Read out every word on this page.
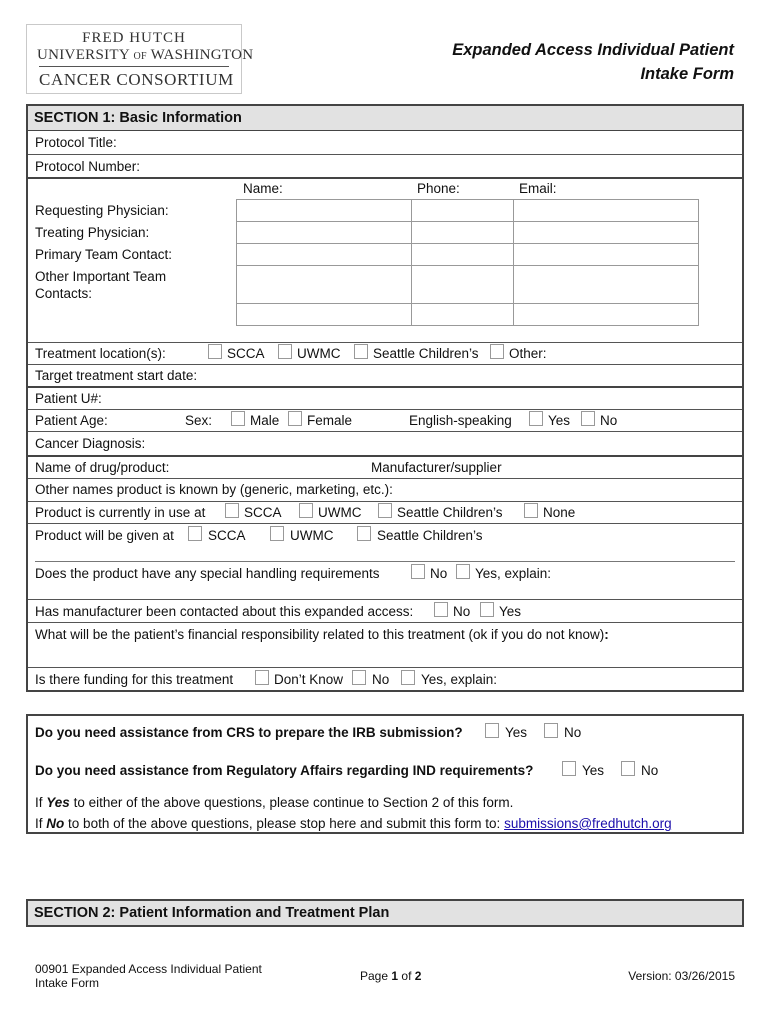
FRED HUTCH
UNIVERSITY OF WASHINGTON
CANCER CONSORTIUM
Expanded Access Individual Patient
Intake Form
SECTION 1: Basic Information
Protocol Title:
Protocol Number:
Name:	Phone:	Email:

Requesting Physician:
Treating Physician:
Primary Team Contact:
Other Important Team
Contacts:
Treatment location(s):	SCCA UWMC Seattle Children’s Other:
Target treatment start date:
Patient U#:
Patient Age:	Sex:	Male Female	English-speaking	Yes No
Cancer Diagnosis:
Name of drug/product:	Manufacturer/supplier
Other names product is known by (generic, marketing, etc.):
Product is currently in use at	SCCA	UWMC	Seattle Children’s	None
Product will be given at	SCCA	UWMC	Seattle Children’s
Does the product have any special handling requirements	No Yes, explain:
Has manufacturer been contacted about this expanded access:	No Yes
What will be the patient’s financial responsibility related to this treatment (ok if you do not know):
Is there funding for this treatment	Don’t Know No Yes, explain:
Do you need assistance from CRS to prepare the IRB submission?	Yes	No
Do you need assistance from Regulatory Affairs regarding IND requirements?	Yes	No
If Yes to either of the above questions, please continue to Section 2 of this form.
If No to both of the above questions, please stop here and submit this form to: submissions@fredhutch.org
SECTION 2: Patient Information and Treatment Plan
00901 Expanded Access Individual Patient
Intake Form	Page 1 of 2	Version: 03/26/2015
